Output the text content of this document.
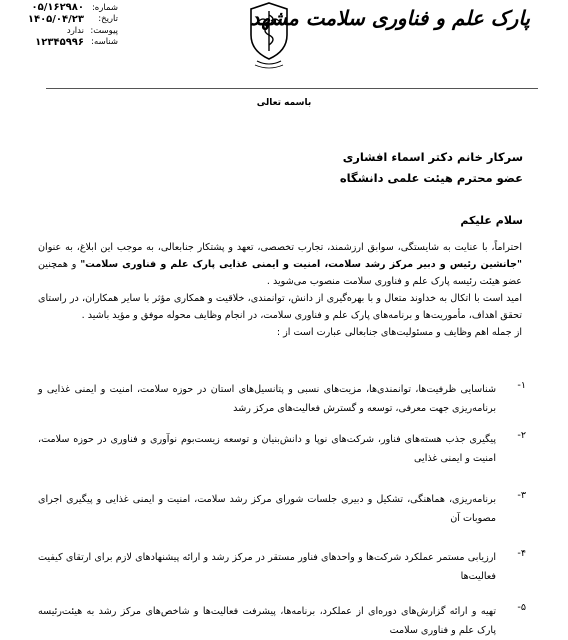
شماره:
۰۵/۱۶۲۹۸۰
تاریخ:
۱۴۰۵/۰۴/۲۳
پیوست:
ندارد
شناسه:
۱۲۳۴۵۹۹۶
پارک علم و فناوری سلامت مشهد
باسمه تعالی
سرکار خانم دکتر اسماء افشاری
عضو محترم هیئت علمی دانشگاه
سلام علیکم

احتراماً، با عنایت به شایستگی، سوابق ارزشمند، تجارب تخصصی، تعهد و پشتکار جنابعالی، به موجب این ابلاغ، به عنوان "جانشین رئیس و دبیر مرکز رشد سلامت، امنیت و ایمنی غذایی پارک علم و فناوری سلامت" و همچنین عضو هیئت رئیسه پارک علم و فناوری سلامت منصوب می‌شوید .

امید است با اتکال به خداوند متعال و با بهره‌گیری از دانش، توانمندی، خلاقیت و همکاری مؤثر با سایر همکاران، در راستای تحقق اهداف، مأموریت‌ها و برنامه‌های پارک علم و فناوری سلامت، در انجام وظایف محوله موفق و مؤید باشید .

از جمله اهم وظایف و مسئولیت‌های جنابعالی عبارت است از :

۱-
شناسایی ظرفیت‌ها، توانمندی‌ها، مزیت‌های نسبی و پتانسیل‌های استان در حوزه سلامت، امنیت و ایمنی غذایی و برنامه‌ریزی جهت معرفی، توسعه و گسترش فعالیت‌های مرکز رشد
۲-
پیگیری جذب هسته‌های فناور، شرکت‌های نوپا و دانش‌بنیان و توسعه زیست‌بوم نوآوری و فناوری در حوزه سلامت، امنیت و ایمنی غذایی
۳-
برنامه‌ریزی، هماهنگی، تشکیل و دبیری جلسات شورای مرکز رشد سلامت، امنیت و ایمنی غذایی و پیگیری اجرای مصوبات آن
۴-
ارزیابی مستمر عملکرد شرکت‌ها و واحدهای فناور مستقر در مرکز رشد و ارائه پیشنهادهای لازم برای ارتقای کیفیت فعالیت‌ها
۵-
تهیه و ارائه گزارش‌های دوره‌ای از عملکرد، برنامه‌ها، پیشرفت فعالیت‌ها و شاخص‌های مرکز رشد به هیئت‌رئیسه پارک علم و فناوری سلامت
